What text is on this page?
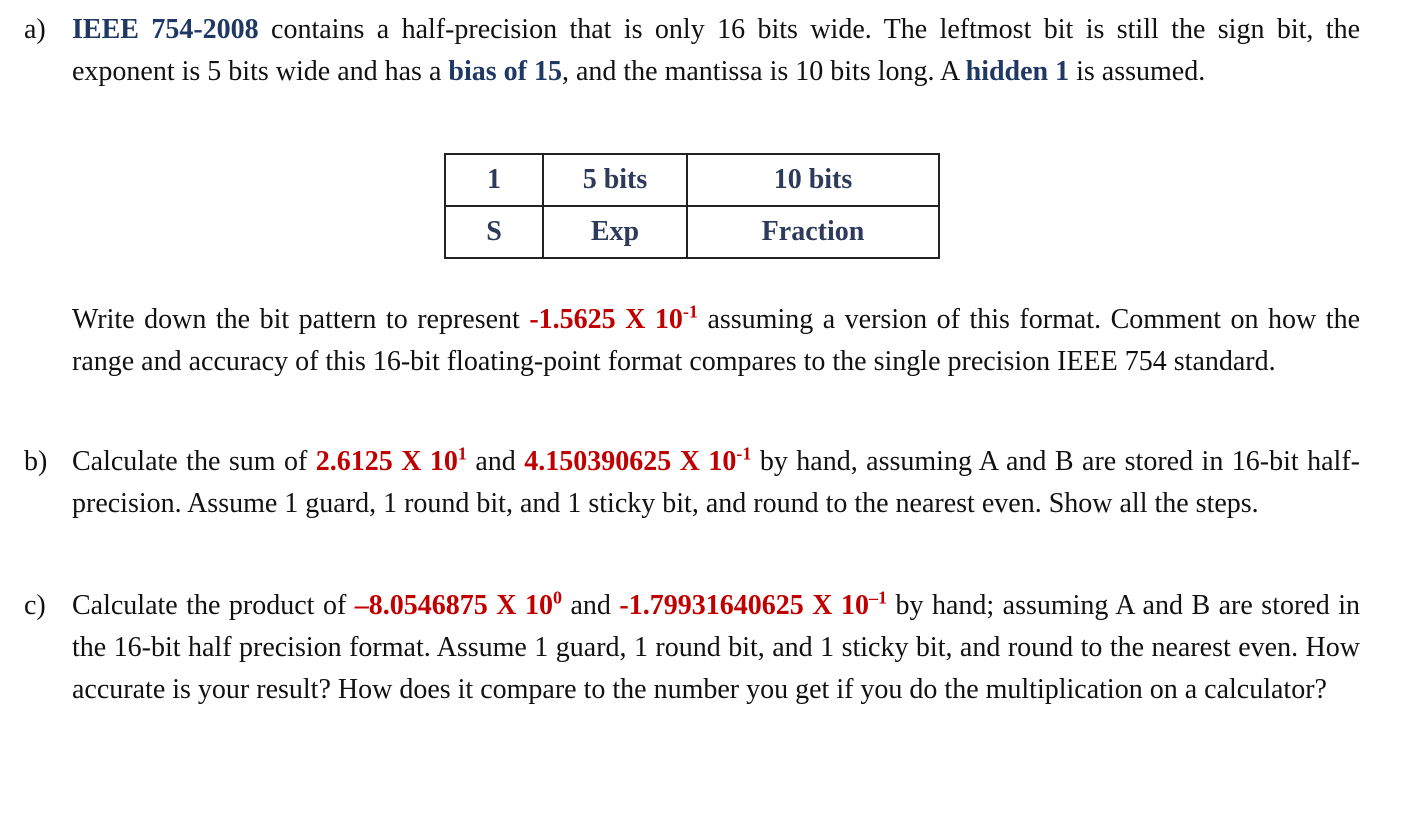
a) IEEE 754-2008 contains a half-precision that is only 16 bits wide. The leftmost bit is still the sign bit, the exponent is 5 bits wide and has a bias of 15, and the mantissa is 10 bits long. A hidden 1 is assumed.
1	5 bits	10 bits
S	Exp	Fraction
Write down the bit pattern to represent -1.5625 X $10^{-1}$ assuming a version of this format. Comment on how the range and accuracy of this 16-bit floating-point format compares to the single precision IEEE 754 standard.
b) Calculate the sum of 2.6125 X $10^1$ and 4.150390625 X $10^{-1}$ by hand, assuming A and B are stored in 16-bit half-precision. Assume 1 guard, 1 round bit, and 1 sticky bit, and round to the nearest even. Show all the steps.
c) Calculate the product of –8.0546875 X $10^0$ and -1.79931640625 X $10^{-1}$ by hand; assuming A and B are stored in the 16-bit half precision format. Assume 1 guard, 1 round bit, and 1 sticky bit, and round to the nearest even. How accurate is your result? How does it compare to the number you get if you do the multiplication on a calculator?
